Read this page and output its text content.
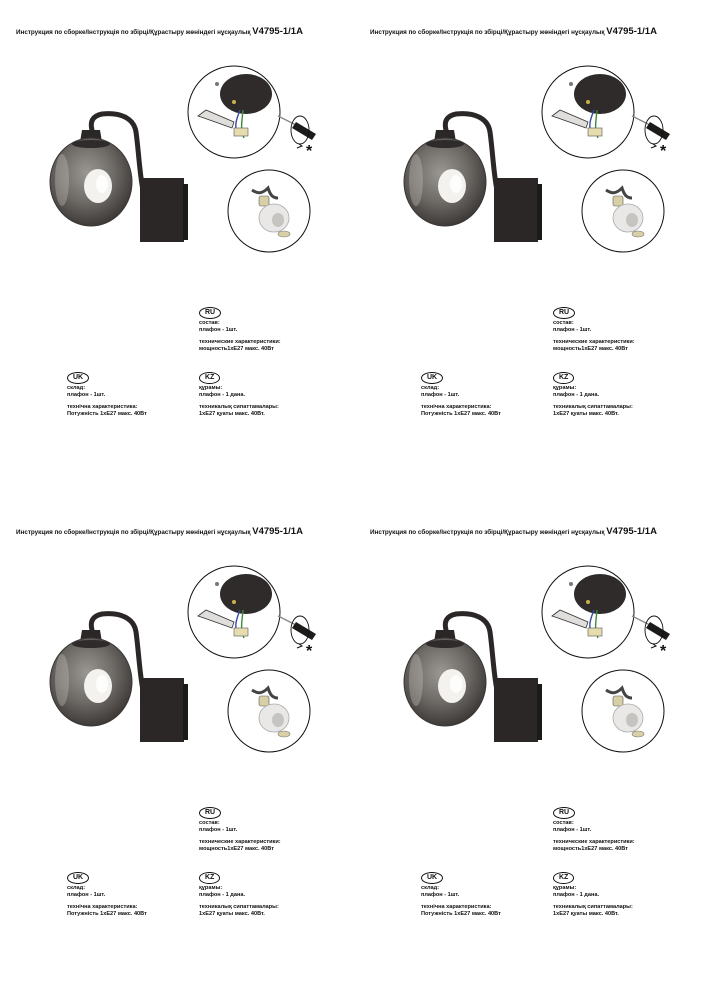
Инструкция по сборке/Інструкція по збірці/Құрастыру жөніндегі нұсқаулық V4795-1/1A
*
RU
состав:
плафон - 1шт.
технические характеристики:
мощность1хЕ27 макс. 40Вт
UK
склад:
плафон - 1шт.
технічна характеристика:
Потужність 1хЕ27 макс. 40Вт
KZ
құрамы:
плафон - 1 дана.
техникалық сипаттамалары:
1хЕ27 қуаты макс. 40Вт.
Инструкция по сборке/Інструкція по збірці/Құрастыру жөніндегі нұсқаулық V4795-1/1A
*
RU
состав:
плафон - 1шт.
технические характеристики:
мощность1хЕ27 макс. 40Вт
UK
склад:
плафон - 1шт.
технічна характеристика:
Потужність 1хЕ27 макс. 40Вт
KZ
құрамы:
плафон - 1 дана.
техникалық сипаттамалары:
1хЕ27 қуаты макс. 40Вт.
Инструкция по сборке/Інструкція по збірці/Құрастыру жөніндегі нұсқаулық V4795-1/1A
*
RU
состав:
плафон - 1шт.
технические характеристики:
мощность1хЕ27 макс. 40Вт
UK
склад:
плафон - 1шт.
технічна характеристика:
Потужність 1хЕ27 макс. 40Вт
KZ
құрамы:
плафон - 1 дана.
техникалық сипаттамалары:
1хЕ27 қуаты макс. 40Вт.
Инструкция по сборке/Інструкція по збірці/Құрастыру жөніндегі нұсқаулық V4795-1/1A
*
RU
состав:
плафон - 1шт.
технические характеристики:
мощность1хЕ27 макс. 40Вт
UK
склад:
плафон - 1шт.
технічна характеристика:
Потужність 1хЕ27 макс. 40Вт
KZ
құрамы:
плафон - 1 дана.
техникалық сипаттамалары:
1хЕ27 қуаты макс. 40Вт.
